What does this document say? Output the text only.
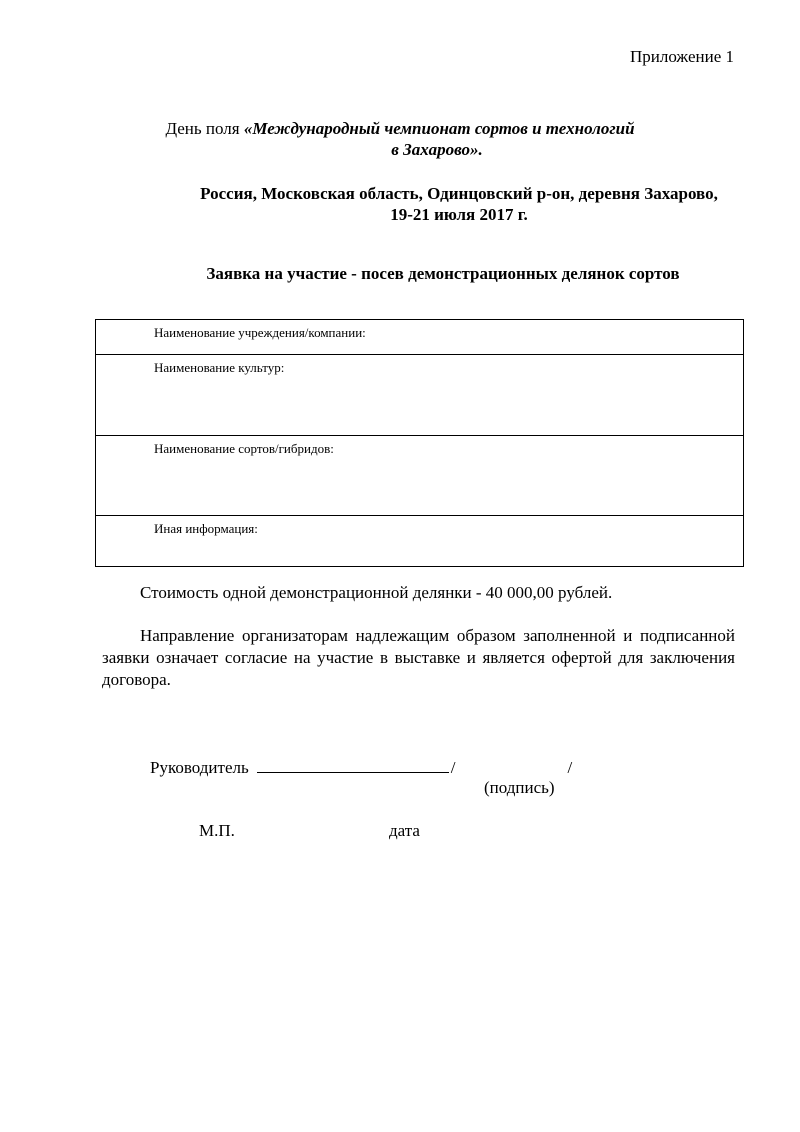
Приложение 1
День поля «Международный чемпионат сортов и технологий
в Захарово».
Россия, Московская область, Одинцовский р-он, деревня Захарово,
19-21 июля 2017 г.
Заявка на участие - посев демонстрационных делянок сортов
Наименование учреждения/компании:
Наименование культур:
Наименование сортов/гибридов:
Иная информация:
Стоимость одной демонстрационной делянки - 40 000,00 рублей.
Направление организаторам надлежащим образом заполненной и подписанной заявки означает согласие на участие в выставке и является офертой для заключения договора.
Руководитель	/	/
(подпись)
М.П.	дата
